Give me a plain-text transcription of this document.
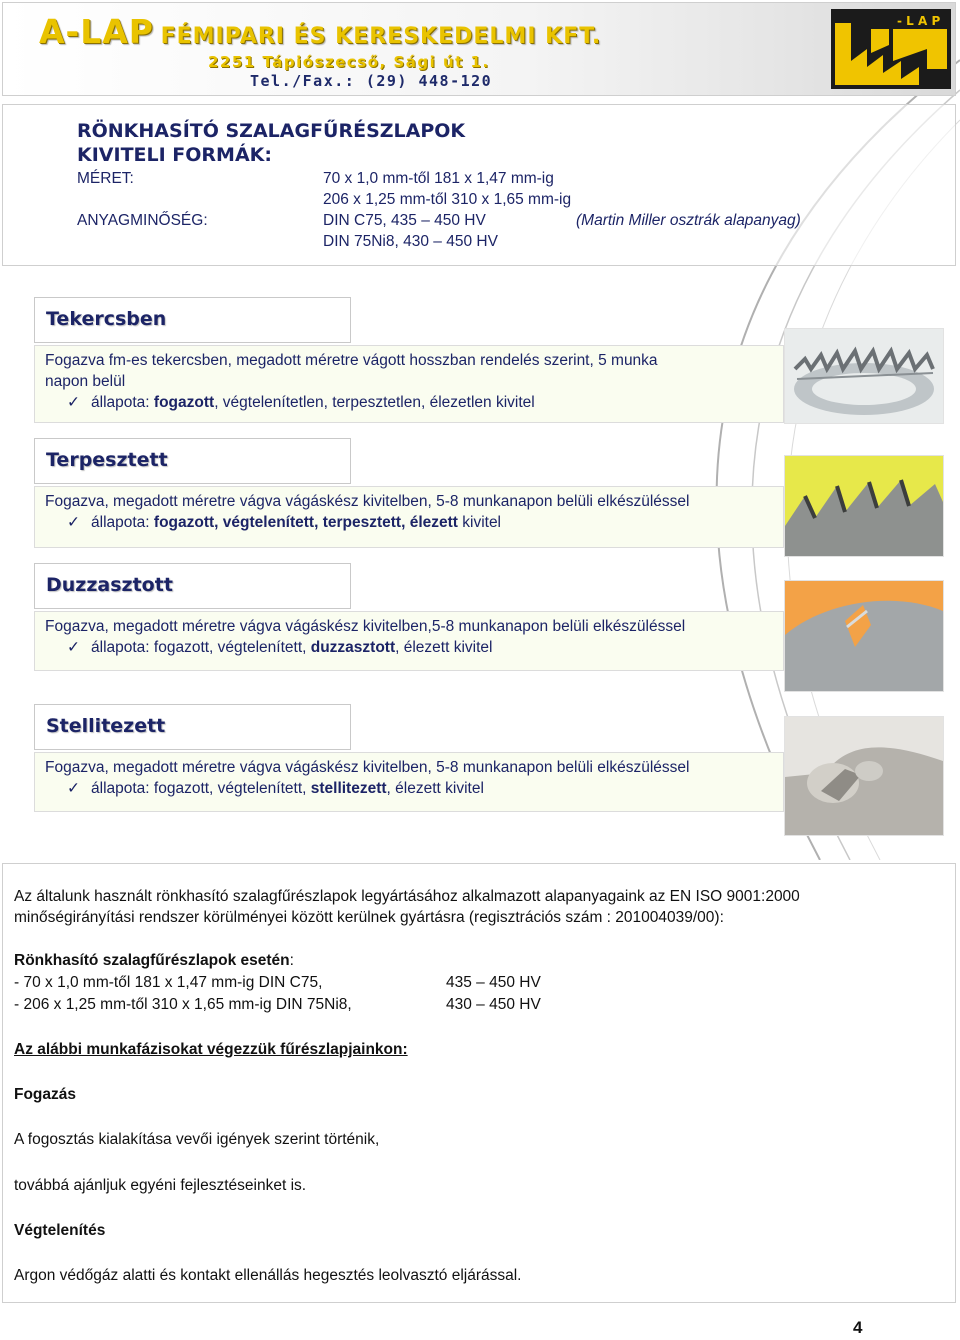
A-LAP FÉMIPARI ÉS KERESKEDELMI KFT.
2251 Tápiószecső, Sági út 1.
Tel./Fax.: (29) 448-120
- L A P
RÖNKHASÍTÓ SZALAGFŰRÉSZLAPOK
KIVITELI FORMÁK:
MÉRET:	70 x 1,0 mm-től 181 x 1,47 mm-ig
206 x 1,25 mm-től 310 x 1,65 mm-ig
ANYAGMINŐSÉG:	DIN C75, 435 – 450 HV	(Martin Miller osztrák alapanyag)
DIN 75Ni8, 430 – 450 HV
Tekercsben
Fogazva fm-es tekercsben, megadott méretre vágott hosszban rendelés szerint, 5 munka
napon belül
✓ állapota: fogazott, végtelenítetlen, terpesztetlen, élezetlen kivitel
Terpesztett
Fogazva, megadott méretre vágva vágáskész kivitelben, 5-8 munkanapon belüli elkészüléssel
✓ állapota: fogazott, végtelenített, terpesztett, élezett kivitel
Duzzasztott
Fogazva, megadott méretre vágva vágáskész kivitelben,5-8 munkanapon belüli elkészüléssel
✓ állapota: fogazott, végtelenített, duzzasztott, élezett kivitel
Stellitezett
Fogazva, megadott méretre vágva vágáskész kivitelben, 5-8 munkanapon belüli elkészüléssel
✓ állapota: fogazott, végtelenített, stellitezett, élezett kivitel
Az általunk használt rönkhasító szalagfűrészlapok legyártásához alkalmazott alapanyagaink az EN ISO 9001:2000
minőségirányítási rendszer körülményei között kerülnek gyártásra (regisztrációs szám : 201004039/00):
Rönkhasító szalagfűrészlapok esetén:
- 70 x 1,0 mm-től 181 x 1,47 mm-ig DIN C75,	435 – 450 HV
- 206 x 1,25 mm-től 310 x 1,65 mm-ig DIN 75Ni8,	430 – 450 HV
Az alábbi munkafázisokat végezzük fűrészlapjainkon:
Fogazás
A fogosztás kialakítása vevői igények szerint történik,
továbbá ajánljuk egyéni fejlesztéseinket is.
Végtelenítés
Argon védőgáz alatti és kontakt ellenállás hegesztés leolvasztó eljárással.
4
